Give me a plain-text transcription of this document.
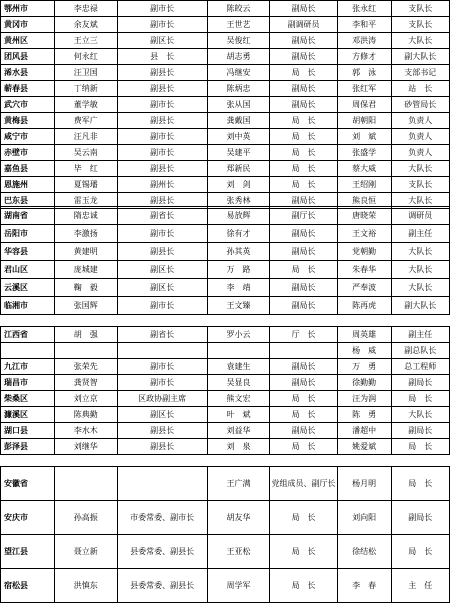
鄂州市	李忠禄	副市长	陈皎云	副局长	张永红	支队长
黄冈市	余友斌	副市长	王世艺	副调研员	李和平	支队长
黄州区	王立三	副区长	吴俊红	副局长	邓洪涛	大队长
团风县	何永红	县　长	胡志勇	副局长	方修才	副大队长
浠水县	汪卫国	副县长	冯继安	局　长	郭　泳	支部书记
蕲春县	丁纳新	副县长	陈炳忠	副局长	张红军	站　长
武穴市	董学敏	副市长	张从国	副局长	周保君	砂管局长
黄梅县	费军广	副县长	龚戴国	局　长	胡朝阳	负责人
咸宁市	汪凡非	副市长	刘中英	局　长	刘　斌	负责人
赤壁市	吴云南	副市长	吴建平	局　长	张盛学	负责人
嘉鱼县	毕　红	副县长	郑新民	局　长	蔡大威	大队长
恩施州	夏锡璠	副州长	刘　剑	局　长	王绍刚	支队长
巴东县	雷玉龙	副县长	张秀林	副局长	熊良恒	大队长
湖南省	隋忠诚	副省长	易放辉	副厅长	唐晓荣	调研员
岳阳市	李激扬	副市长	徐有才	副局长	王文裕	副主任
华容县	黄建明	副县长	孙其英	副局长	党朝勤	大队长
君山区	庞城建	副区长	万　路	局　长	朱春华	大队长
云溪区	鞠　毅	副区长	李　靖	副局长	严奉波	大队长
临湘市	张国辉	副市长	王文臻	副局长	陈再虎	副大队长
江西省	胡　强	副省长	罗小云	厅　长	周英雄	副主任
					杨　威	副总队长
九江市	张荣先	副市长	袁建生	副局长	万　勇	总工程师
瑞昌市	龚贤智	副市长	吴显良	副局长	徐勤勤	副局长
柴桑区	刘立京	区政协副主席	熊文宏	局　长	汪为润	局　长
濂溪区	陈典勤	副区长	叶　斌	局　长	陈　勇	大队长
湖口县	李水木	副县长	刘益华	副局长	潘超中	副局长
彭泽县	刘继华	副县长	刘　泉	局　长	姚爱斌	局　长
安徽省			王广满	党组成员、副厅长	杨月明	局　长
安庆市	孙高振	市委常委、副市长	胡友华	局　长	刘向阳	副局长
望江县	聂立新	县委常委、副县长	王亚松	局　长	徐结松	局　长
宿松县	洪慎东	县委常委、副县长	周学军	局　长	李　春	主　任
